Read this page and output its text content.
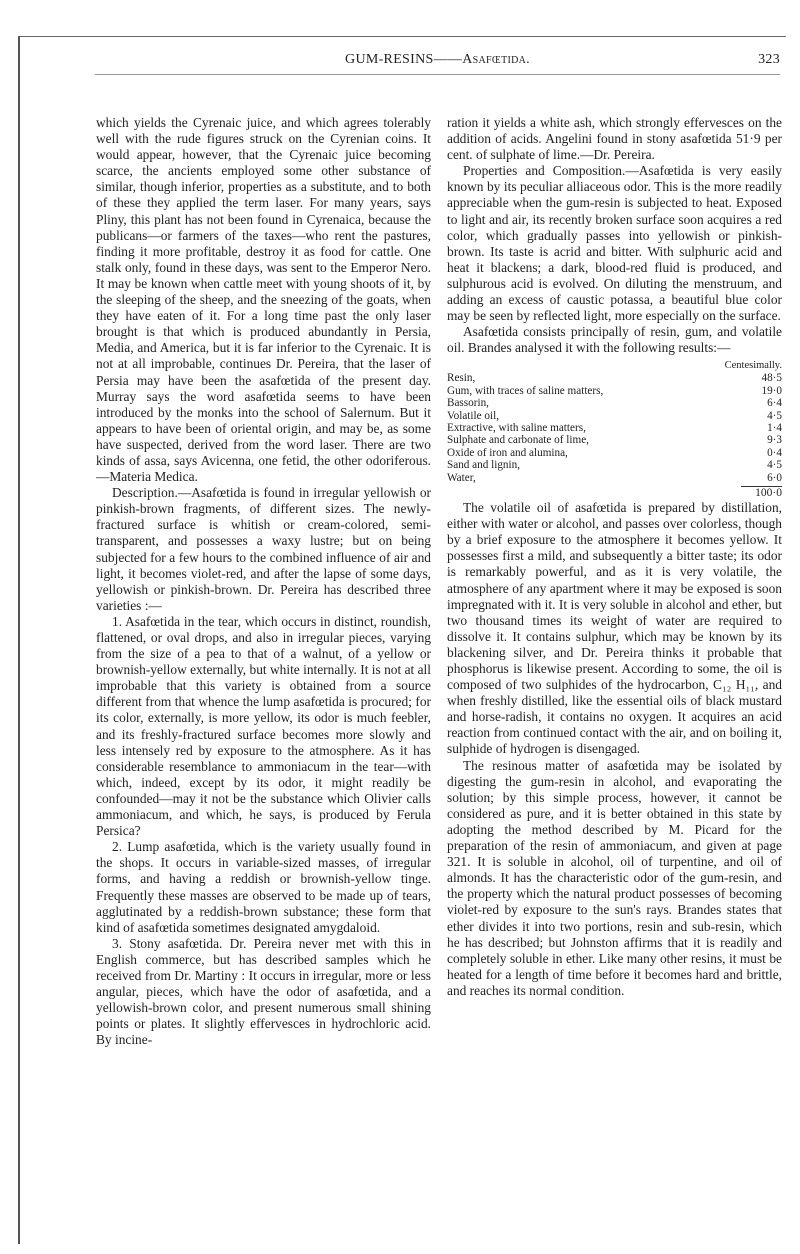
GUM-RESINS——Asafœtida.	323

which yields the Cyrenaic juice, and which agrees tolerably well with the rude figures struck on the Cyrenian coins. It would appear, however, that the Cyrenaic juice becoming scarce, the ancients employed some other substance of similar, though inferior, properties as a substitute, and to both of these they applied the term laser. For many years, says Pliny, this plant has not been found in Cyrenaica, because the publicans—or farmers of the taxes—who rent the pastures, finding it more profitable, destroy it as food for cattle. One stalk only, found in these days, was sent to the Emperor Nero. It may be known when cattle meet with young shoots of it, by the sleeping of the sheep, and the sneezing of the goats, when they have eaten of it. For a long time past the only laser brought is that which is produced abundantly in Persia, Media, and America, but it is far inferior to the Cyrenaic. It is not at all improbable, continues Dr. Pereira, that the laser of Persia may have been the asafœtida of the present day. Murray says the word asafœtida seems to have been introduced by the monks into the school of Salernum. But it appears to have been of oriental origin, and may be, as some have suspected, derived from the word laser. There are two kinds of assa, says Avicenna, one fetid, the other odoriferous.—Materia Medica.

Description.—Asafœtida is found in irregular yellowish or pinkish-brown fragments, of different sizes. The newly-fractured surface is whitish or cream-colored, semi-transparent, and possesses a waxy lustre; but on being subjected for a few hours to the combined influence of air and light, it becomes violet-red, and after the lapse of some days, yellowish or pinkish-brown. Dr. Pereira has described three varieties :—

1. Asafœtida in the tear, which occurs in distinct, roundish, flattened, or oval drops, and also in irregular pieces, varying from the size of a pea to that of a walnut, of a yellow or brownish-yellow externally, but white internally. It is not at all improbable that this variety is obtained from a source different from that whence the lump asafœtida is procured; for its color, externally, is more yellow, its odor is much feebler, and its freshly-fractured surface becomes more slowly and less intensely red by exposure to the atmosphere. As it has considerable resemblance to ammoniacum in the tear—with which, indeed, except by its odor, it might readily be confounded—may it not be the substance which Olivier calls ammoniacum, and which, he says, is produced by Ferula Persica?

2. Lump asafœtida, which is the variety usually found in the shops. It occurs in variable-sized masses, of irregular forms, and having a reddish or brownish-yellow tinge. Frequently these masses are observed to be made up of tears, agglutinated by a reddish-brown substance; these form that kind of asafœtida sometimes designated amygdaloid.

3. Stony asafœtida. Dr. Pereira never met with this in English commerce, but has described samples which he received from Dr. Martiny : It occurs in irregular, more or less angular, pieces, which have the odor of asafœtida, and a yellowish-brown color, and present numerous small shining points or plates. It slightly effervesces in hydrochloric acid. By incine-

ration it yields a white ash, which strongly effervesces on the addition of acids. Angelini found in stony asafœtida 51·9 per cent. of sulphate of lime.—Dr. Pereira.

Properties and Composition.—Asafœtida is very easily known by its peculiar alliaceous odor. This is the more readily appreciable when the gum-resin is subjected to heat. Exposed to light and air, its recently broken surface soon acquires a red color, which gradually passes into yellowish or pinkish-brown. Its taste is acrid and bitter. With sulphuric acid and heat it blackens; a dark, blood-red fluid is produced, and sulphurous acid is evolved. On diluting the menstruum, and adding an excess of caustic potassa, a beautiful blue color may be seen by reflected light, more especially on the surface.

Asafœtida consists principally of resin, gum, and volatile oil. Brandes analysed it with the following results:—

Centesimally.
Resin,	48·5
Gum, with traces of saline matters,	19·0
Bassorin,	6·4
Volatile oil,	4·5
Extractive, with saline matters,	1·4
Sulphate and carbonate of lime,	9·3
Oxide of iron and alumina,	0·4
Sand and lignin,	4·5
Water,	6·0
100·0

The volatile oil of asafœtida is prepared by distillation, either with water or alcohol, and passes over colorless, though by a brief exposure to the atmosphere it becomes yellow. It possesses first a mild, and subsequently a bitter taste; its odor is remarkably powerful, and as it is very volatile, the atmosphere of any apartment where it may be exposed is soon impregnated with it. It is very soluble in alcohol and ether, but two thousand times its weight of water are required to dissolve it. It contains sulphur, which may be known by its blackening silver, and Dr. Pereira thinks it probable that phosphorus is likewise present. According to some, the oil is composed of two sulphides of the hydrocarbon, C₁₂ H₁₁, and when freshly distilled, like the essential oils of black mustard and horse-radish, it contains no oxygen. It acquires an acid reaction from continued contact with the air, and on boiling it, sulphide of hydrogen is disengaged.

The resinous matter of asafœtida may be isolated by digesting the gum-resin in alcohol, and evaporating the solution; by this simple process, however, it cannot be considered as pure, and it is better obtained in this state by adopting the method described by M. Picard for the preparation of the resin of ammoniacum, and given at page 321. It is soluble in alcohol, oil of turpentine, and oil of almonds. It has the characteristic odor of the gum-resin, and the property which the natural product possesses of becoming violet-red by exposure to the sun's rays. Brandes states that ether divides it into two portions, resin and sub-resin, which he has described; but Johnston affirms that it is readily and completely soluble in ether. Like many other resins, it must be heated for a length of time before it becomes hard and brittle, and reaches its normal condition.
